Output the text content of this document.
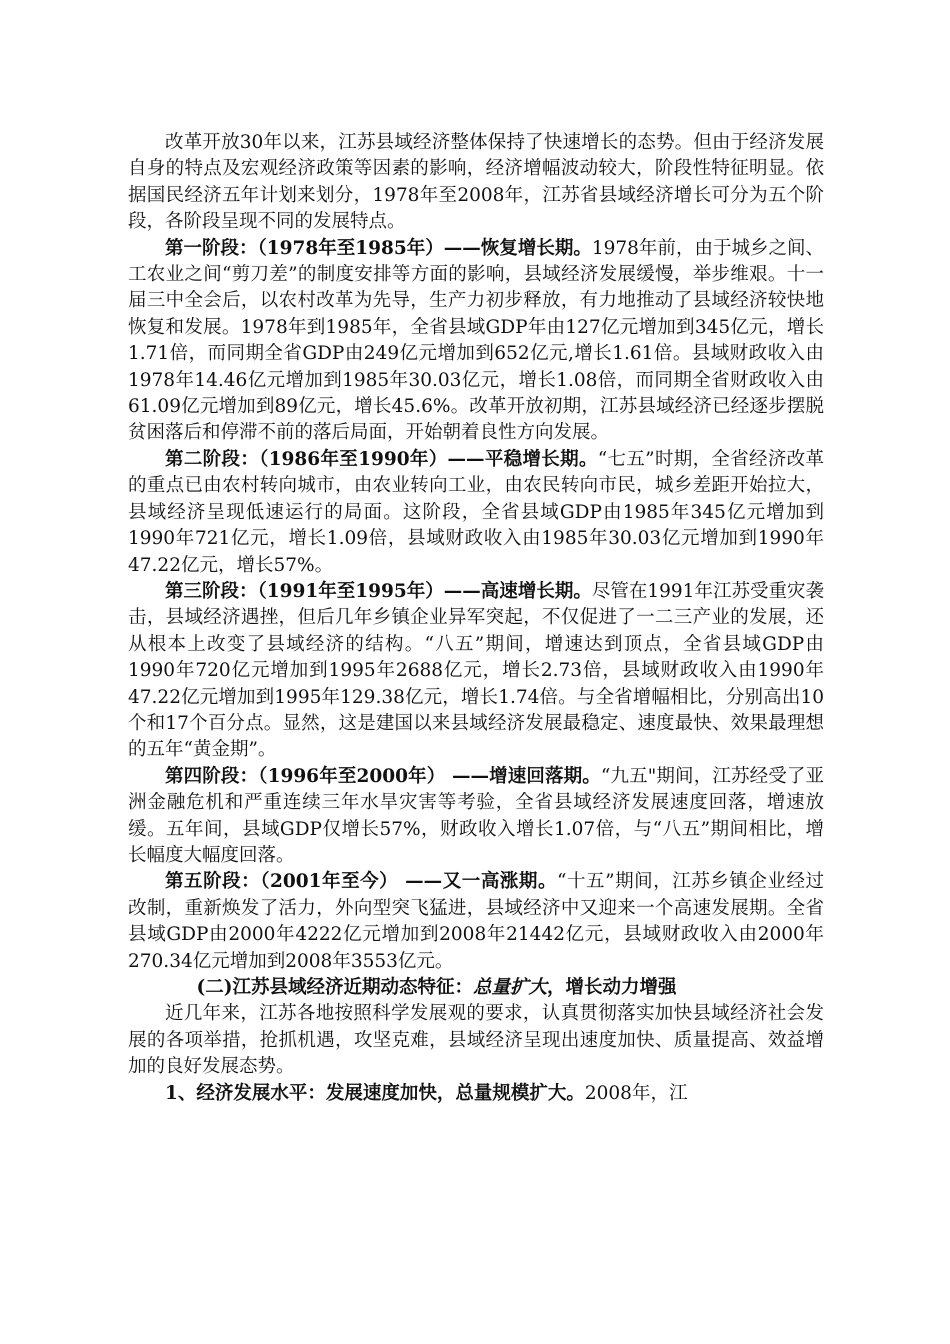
改革开放30年以来，江苏县域经济整体保持了快速增长的态势。但由于经济发展自身的特点及宏观经济政策等因素的影响，经济增幅波动较大，阶段性特征明显。依据国民经济五年计划来划分，1978年至2008年，江苏省县域经济增长可分为五个阶段，各阶段呈现不同的发展特点。

第一阶段：（1978年至1985年）——恢复增长期。1978年前，由于城乡之间、工农业之间“剪刀差”的制度安排等方面的影响，县域经济发展缓慢，举步维艰。十一届三中全会后，以农村改革为先导，生产力初步释放，有力地推动了县域经济较快地恢复和发展。1978年到1985年，全省县域GDP年由127亿元增加到345亿元，增长1.71倍，而同期全省GDP由249亿元增加到652亿元,增长1.61倍。县域财政收入由1978年14.46亿元增加到1985年30.03亿元，增长1.08倍，而同期全省财政收入由61.09亿元增加到89亿元，增长45.6%。改革开放初期，江苏县域经济已经逐步摆脱贫困落后和停滞不前的落后局面，开始朝着良性方向发展。

第二阶段：（1986年至1990年）——平稳增长期。“七五”时期，全省经济改革的重点已由农村转向城市，由农业转向工业，由农民转向市民，城乡差距开始拉大，县域经济呈现低速运行的局面。这阶段，全省县域GDP由1985年345亿元增加到1990年721亿元，增长1.09倍，县域财政收入由1985年30.03亿元增加到1990年47.22亿元，增长57%。

第三阶段：（1991年至1995年）——高速增长期。尽管在1991年江苏受重灾袭击，县域经济遇挫，但后几年乡镇企业异军突起，不仅促进了一二三产业的发展，还从根本上改变了县域经济的结构。“八五”期间，增速达到顶点，全省县域GDP由1990年720亿元增加到1995年2688亿元，增长2.73倍，县域财政收入由1990年47.22亿元增加到1995年129.38亿元，增长1.74倍。与全省增幅相比，分别高出10个和17个百分点。显然，这是建国以来县域经济发展最稳定、速度最快、效果最理想的五年“黄金期”。

第四阶段：（1996年至2000年） ——增速回落期。“九五"期间，江苏经受了亚洲金融危机和严重连续三年水旱灾害等考验，全省县域经济发展速度回落，增速放缓。五年间，县域GDP仅增长57%，财政收入增长1.07倍，与“八五”期间相比，增长幅度大幅度回落。

第五阶段：（2001年至今） ——又一高涨期。“十五”期间，江苏乡镇企业经过改制，重新焕发了活力，外向型突飞猛进，县域经济中又迎来一个高速发展期。全省县域GDP由2000年4222亿元增加到2008年21442亿元，县域财政收入由2000年270.34亿元增加到2008年3553亿元。

(二)江苏县域经济近期动态特征：总量扩大，增长动力增强

近几年来，江苏各地按照科学发展观的要求，认真贯彻落实加快县域经济社会发展的各项举措，抢抓机遇，攻坚克难，县域经济呈现出速度加快、质量提高、效益增加的良好发展态势。

1、经济发展水平：发展速度加快，总量规模扩大。2008年，江
